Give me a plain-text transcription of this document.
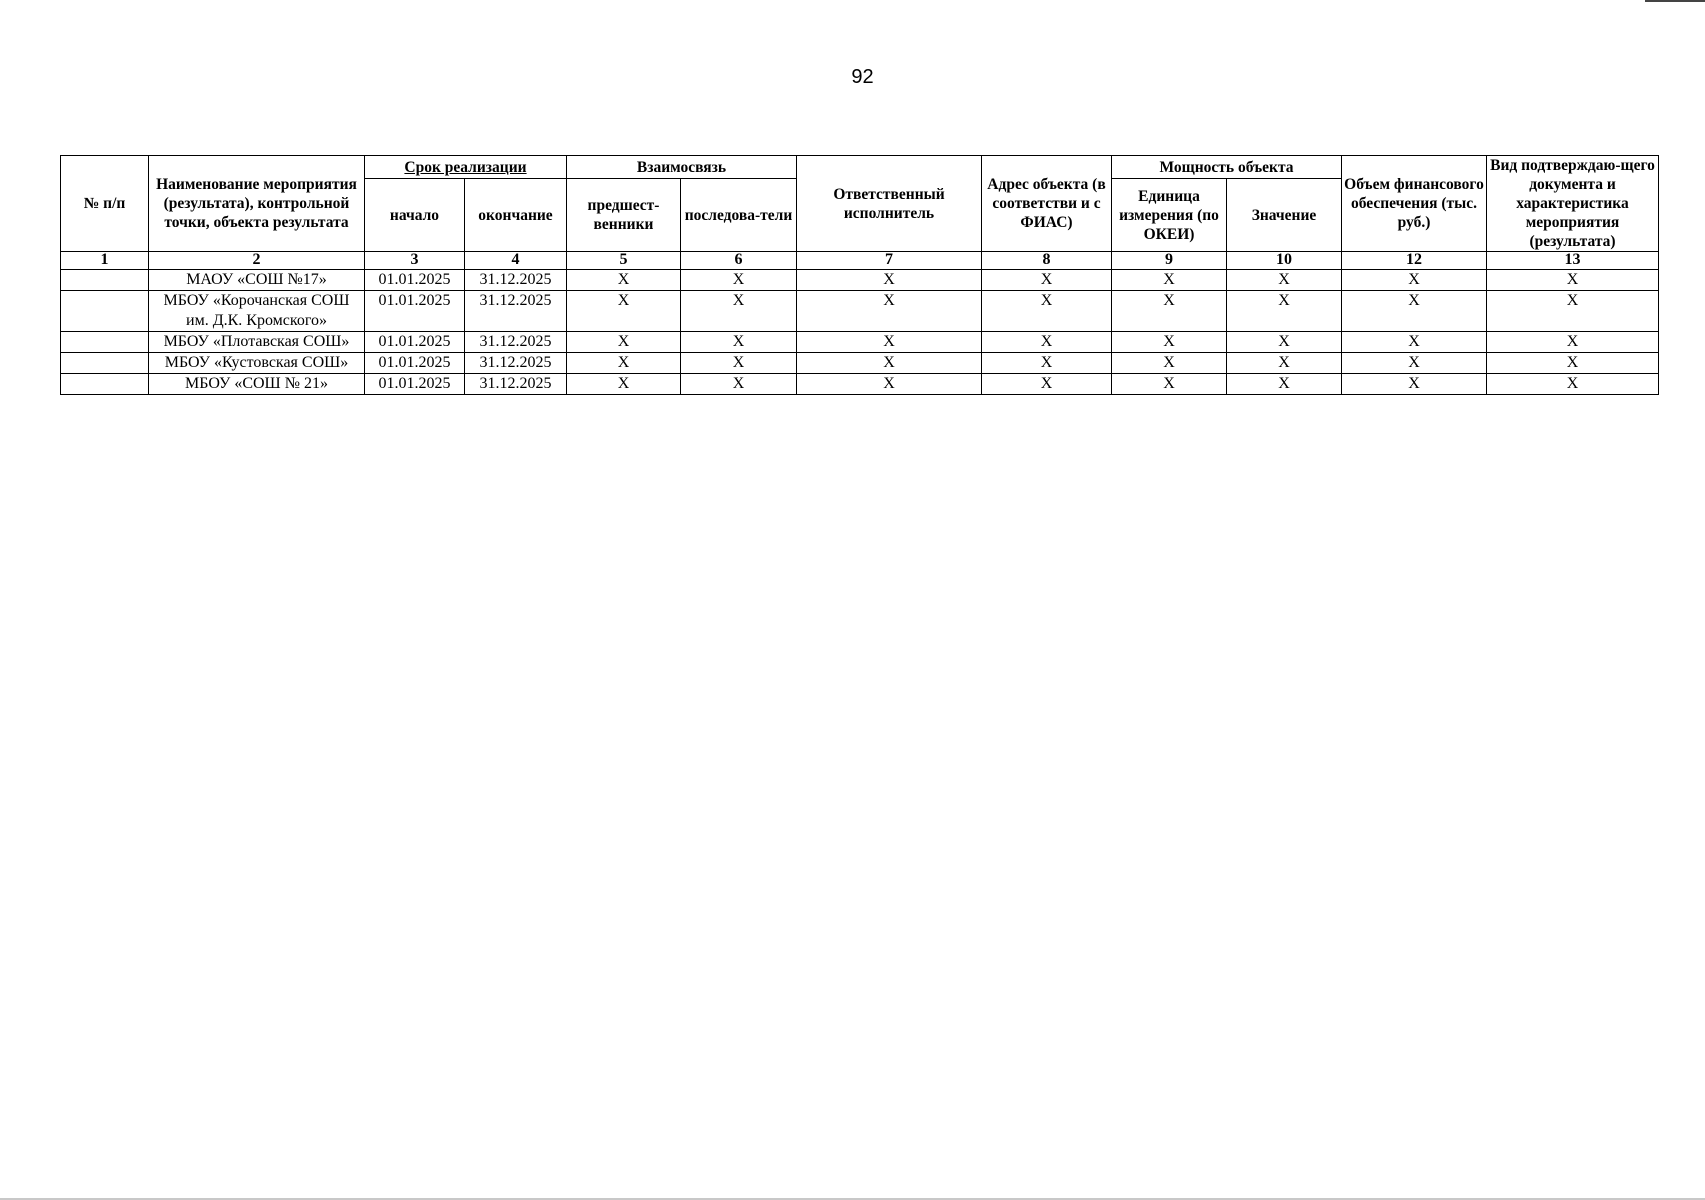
92
№ п/п	Наименование мероприятия (результата), контрольной точки, объекта результата	Срок реализации		Взаимосвязь		Ответственный исполнитель	Адрес объекта (в соответстви и с ФИАС)	Мощность объекта		Объем финансового обеспечения (тыс. руб.)	Вид подтверждаю-щего документа и характеристика мероприятия (результата)
		начало	окончание	предшест-венники	последова-тели			Единица измерения (по ОКЕИ)	Значение		
1	2	3	4	5	6	7	8	9	10	12	13
	МАОУ «СОШ №17»	01.01.2025	31.12.2025	X	X	X	X	X	X	X	X
	МБОУ «Корочанская СОШ им. Д.К. Кромского»	01.01.2025	31.12.2025	X	X	X	X	X	X	X	X
	МБОУ «Плотавская СОШ»	01.01.2025	31.12.2025	X	X	X	X	X	X	X	X
	МБОУ «Кустовская СОШ»	01.01.2025	31.12.2025	X	X	X	X	X	X	X	X
	МБОУ «СОШ № 21»	01.01.2025	31.12.2025	X	X	X	X	X	X	X	X
